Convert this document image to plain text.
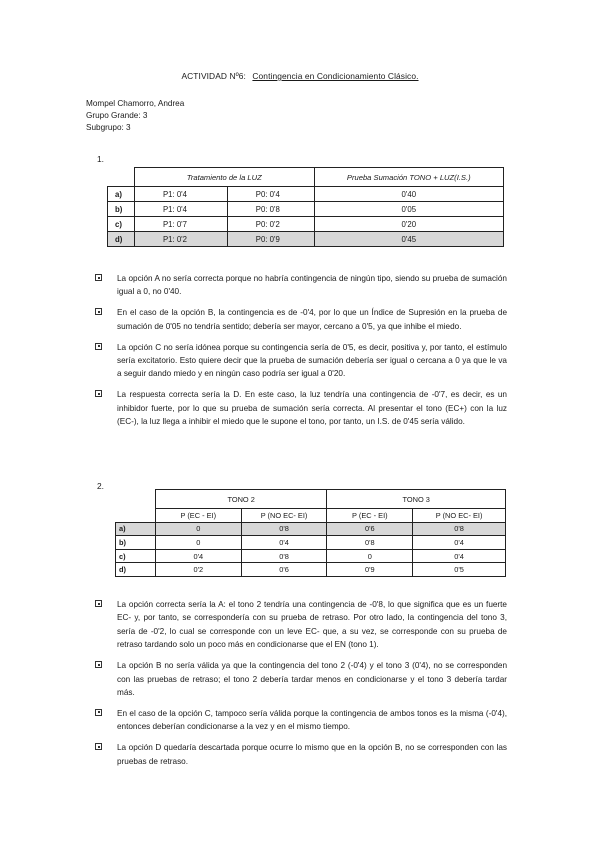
ACTIVIDAD Nº6: Contingencia en Condicionamiento Clásico.
Mompel Chamorro, Andrea
Grupo Grande: 3
Subgrupo: 3
1.
	Tratamiento de la LUZ		Prueba Sumación TONO + LUZ(I.S.)
a)	P1: 0'4	P0: 0'4	0'40
b)	P1: 0'4	P0: 0'8	0'05
c)	P1: 0'7	P0: 0'2	0'20
d)	P1: 0'2	P0: 0'9	0'45
La opción A no sería correcta porque no habría contingencia de ningún tipo, siendo su prueba de sumación igual a 0, no 0'40.
En el caso de la opción B, la contingencia es de -0'4, por lo que un Índice de Supresión en la prueba de sumación de 0'05 no tendría sentido; debería ser mayor, cercano a 0'5, ya que inhibe el miedo.
La opción C no sería idónea porque su contingencia sería de 0'5, es decir, positiva y, por tanto, el estímulo sería excitatorio. Esto quiere decir que la prueba de sumación debería ser igual o cercana a 0 ya que le va a seguir dando miedo y en ningún caso podría ser igual a 0'20.
La respuesta correcta sería la D. En este caso, la luz tendría una contingencia de -0'7, es decir, es un inhibidor fuerte, por lo que su prueba de sumación sería correcta. Al presentar el tono (EC+) con la luz (EC-), la luz llega a inhibir el miedo que le supone el tono, por tanto, un I.S. de 0'45 sería válido.
2.
	TONO 2		TONO 3	
	P (EC - EI)	P (NO EC- EI)	P (EC - EI)	P (NO EC- EI)
a)	0	0'8	0'6	0'8
b)	0	0'4	0'8	0'4
c)	0'4	0'8	0	0'4
d)	0'2	0'6	0'9	0'5
La opción correcta sería la A: el tono 2 tendría una contingencia de -0'8, lo que significa que es un fuerte EC- y, por tanto, se correspondería con su prueba de retraso. Por otro lado, la contingencia del tono 3, sería de -0'2, lo cual se corresponde con un leve EC- que, a su vez, se corresponde con su prueba de retraso tardando solo un poco más en condicionarse que el EN (tono 1).
La opción B no sería válida ya que la contingencia del tono 2 (-0'4) y el tono 3 (0'4), no se corresponden con las pruebas de retraso; el tono 2 debería tardar menos en condicionarse y el tono 3 debería tardar más.
En el caso de la opción C, tampoco sería válida porque la contingencia de ambos tonos es la misma (-0'4), entonces deberían condicionarse a la vez y en el mismo tiempo.
La opción D quedaría descartada porque ocurre lo mismo que en la opción B, no se corresponden con las pruebas de retraso.
